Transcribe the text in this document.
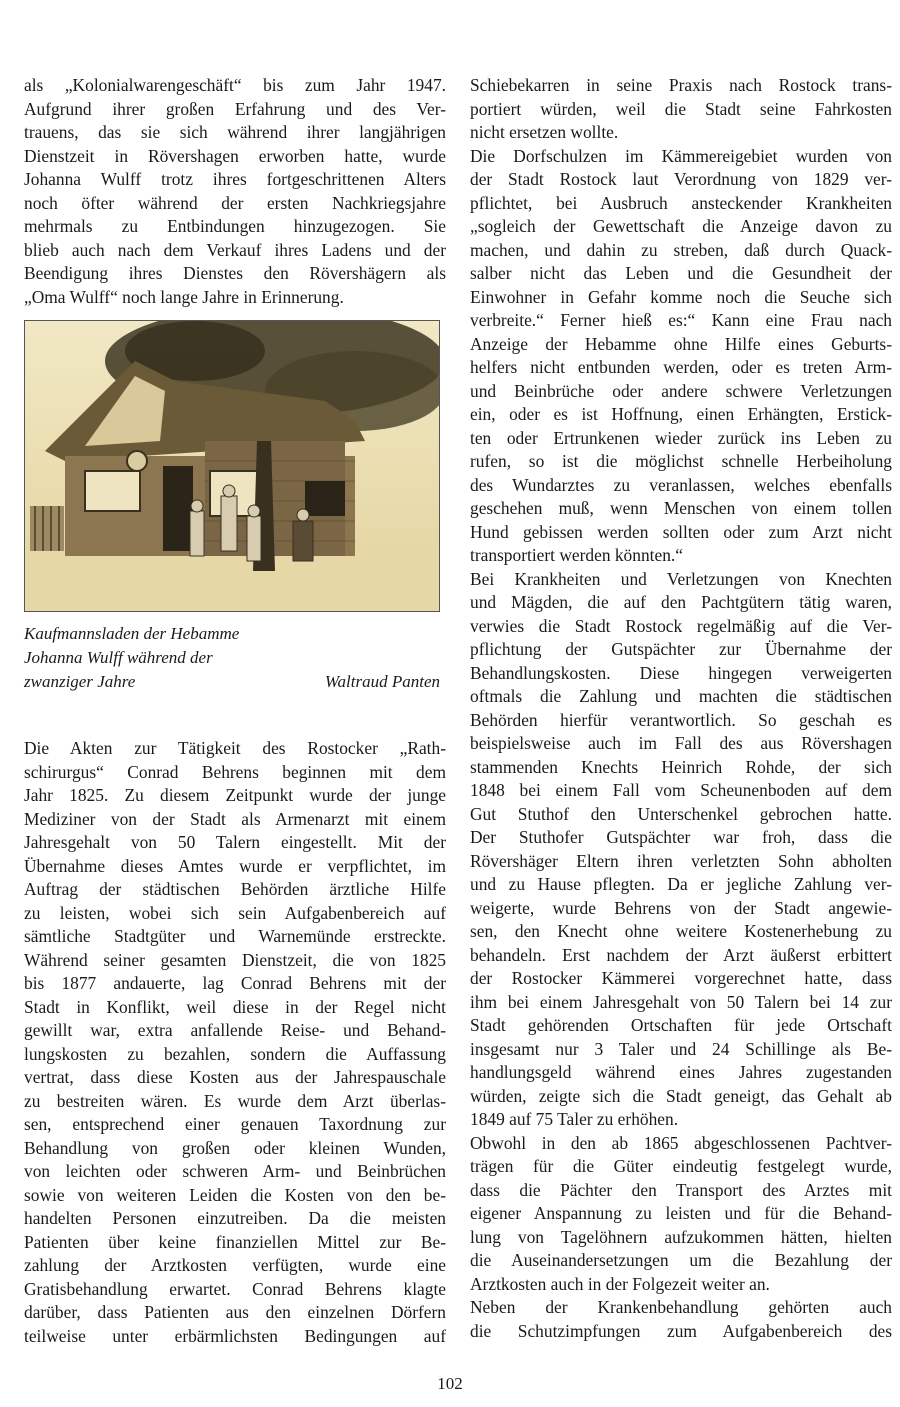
als „Kolonialwarengeschäft“ bis zum Jahr 1947.
Aufgrund ihrer großen Erfahrung und des Ver-
trauens, das sie sich während ihrer langjährigen
Dienstzeit in Rövershagen erworben hatte, wurde
Johanna Wulff trotz ihres fortgeschrittenen Alters
noch öfter während der ersten Nachkriegsjahre
mehrmals zu Entbindungen hinzugezogen. Sie
blieb auch nach dem Verkauf ihres Ladens und der
Beendigung ihres Dienstes den Rövershägern als
„Oma Wulff“ noch lange Jahre in Erinnerung.
Kaufmannsladen der Hebamme
Johanna Wulff während der
zwanziger Jahre	Waltraud Panten
Die Akten zur Tätigkeit des Rostocker „Rath-
schirurgus“ Conrad Behrens beginnen mit dem
Jahr 1825. Zu diesem Zeitpunkt wurde der junge
Mediziner von der Stadt als Armenarzt mit einem
Jahresgehalt von 50 Talern eingestellt. Mit der
Übernahme dieses Amtes wurde er verpflichtet, im
Auftrag der städtischen Behörden ärztliche Hilfe
zu leisten, wobei sich sein Aufgabenbereich auf
sämtliche Stadtgüter und Warnemünde erstreckte.
Während seiner gesamten Dienstzeit, die von 1825
bis 1877 andauerte, lag Conrad Behrens mit der
Stadt in Konflikt, weil diese in der Regel nicht
gewillt war, extra anfallende Reise- und Behand-
lungskosten zu bezahlen, sondern die Auffassung
vertrat, dass diese Kosten aus der Jahrespauschale
zu bestreiten wären. Es wurde dem Arzt überlas-
sen, entsprechend einer genauen Taxordnung zur
Behandlung von großen oder kleinen Wunden,
von leichten oder schweren Arm- und Beinbrüchen
sowie von weiteren Leiden die Kosten von den be-
handelten Personen einzutreiben. Da die meisten
Patienten über keine finanziellen Mittel zur Be-
zahlung der Arztkosten verfügten, wurde eine
Gratisbehandlung erwartet. Conrad Behrens klagte
darüber, dass Patienten aus den einzelnen Dörfern
teilweise unter erbärmlichsten Bedingungen auf
Schiebekarren in seine Praxis nach Rostock trans-
portiert würden, weil die Stadt seine Fahrkosten
nicht ersetzen wollte.
Die Dorfschulzen im Kämmereigebiet wurden von
der Stadt Rostock laut Verordnung von 1829 ver-
pflichtet, bei Ausbruch ansteckender Krankheiten
„sogleich der Gewettschaft die Anzeige davon zu
machen, und dahin zu streben, daß durch Quack-
salber nicht das Leben und die Gesundheit der
Einwohner in Gefahr komme noch die Seuche sich
verbreite.“ Ferner hieß es:“ Kann eine Frau nach
Anzeige der Hebamme ohne Hilfe eines Geburts-
helfers nicht entbunden werden, oder es treten Arm-
und Beinbrüche oder andere schwere Verletzungen
ein, oder es ist Hoffnung, einen Erhängten, Erstick-
ten oder Ertrunkenen wieder zurück ins Leben zu
rufen, so ist die möglichst schnelle Herbeiholung
des Wundarztes zu veranlassen, welches ebenfalls
geschehen muß, wenn Menschen von einem tollen
Hund gebissen werden sollten oder zum Arzt nicht
transportiert werden könnten.“
Bei Krankheiten und Verletzungen von Knechten
und Mägden, die auf den Pachtgütern tätig waren,
verwies die Stadt Rostock regelmäßig auf die Ver-
pflichtung der Gutspächter zur Übernahme der
Behandlungskosten. Diese hingegen verweigerten
oftmals die Zahlung und machten die städtischen
Behörden hierfür verantwortlich. So geschah es
beispielsweise auch im Fall des aus Rövershagen
stammenden Knechts Heinrich Rohde, der sich
1848 bei einem Fall vom Scheunenboden auf dem
Gut Stuthof den Unterschenkel gebrochen hatte.
Der Stuthofer Gutspächter war froh, dass die
Rövershäger Eltern ihren verletzten Sohn abholten
und zu Hause pflegten. Da er jegliche Zahlung ver-
weigerte, wurde Behrens von der Stadt angewie-
sen, den Knecht ohne weitere Kostenerhebung zu
behandeln. Erst nachdem der Arzt äußerst erbittert
der Rostocker Kämmerei vorgerechnet hatte, dass
ihm bei einem Jahresgehalt von 50 Talern bei 14 zur
Stadt gehörenden Ortschaften für jede Ortschaft
insgesamt nur 3 Taler und 24 Schillinge als Be-
handlungsgeld während eines Jahres zugestanden
würden, zeigte sich die Stadt geneigt, das Gehalt ab
1849 auf 75 Taler zu erhöhen.
Obwohl in den ab 1865 abgeschlossenen Pachtver-
trägen für die Güter eindeutig festgelegt wurde,
dass die Pächter den Transport des Arztes mit
eigener Anspannung zu leisten und für die Behand-
lung von Tagelöhnern aufzukommen hätten, hielten
die Auseinandersetzungen um die Bezahlung der
Arztkosten auch in der Folgezeit weiter an.
Neben der Krankenbehandlung gehörten auch
die Schutzimpfungen zum Aufgabenbereich des
102
